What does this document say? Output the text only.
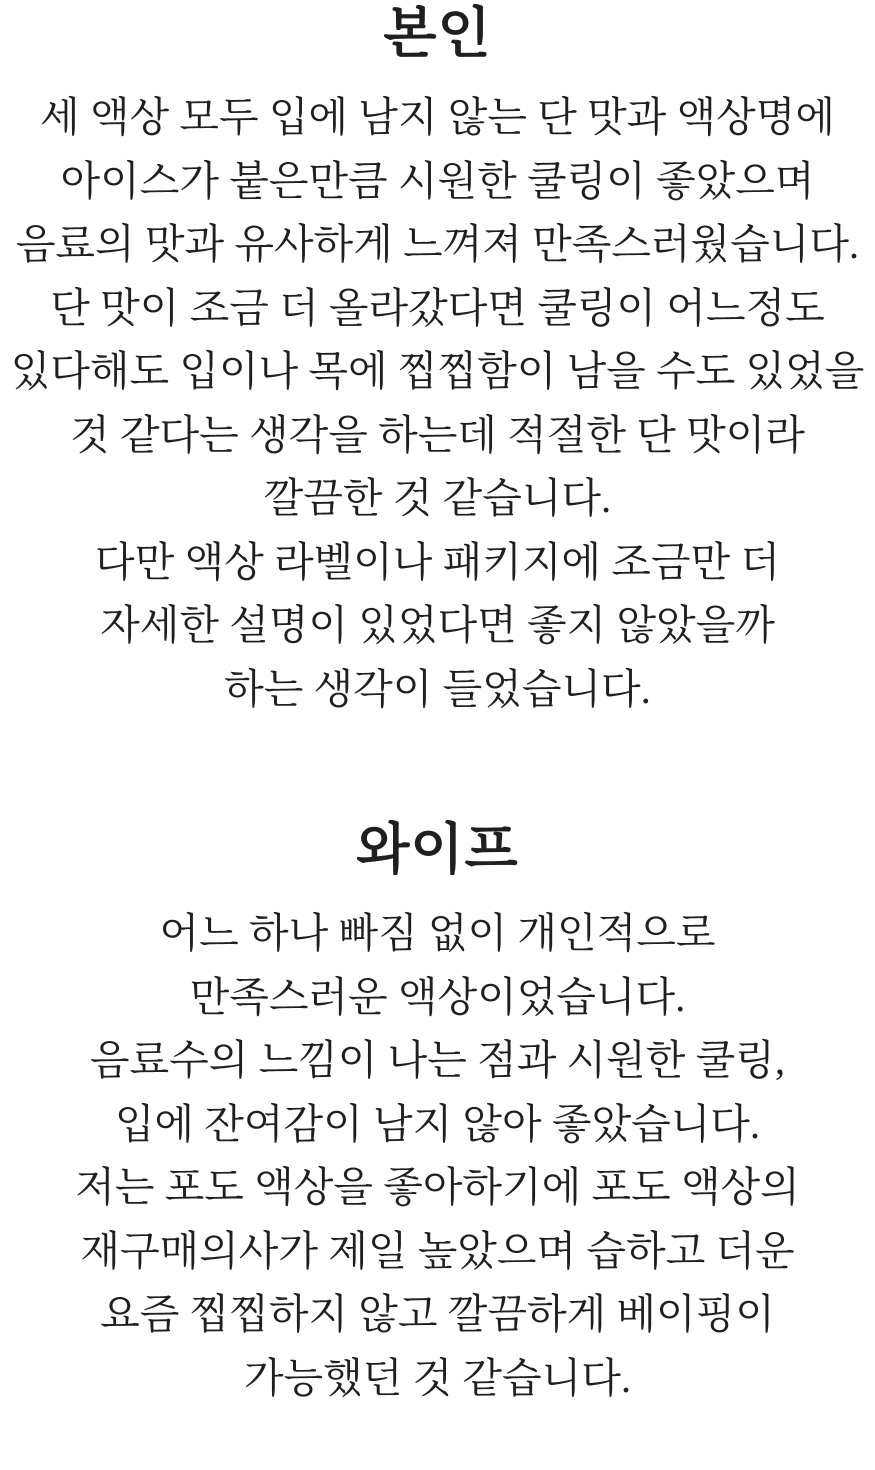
본인
세 액상 모두 입에 남지 않는 단 맛과 액상명에
아이스가 붙은만큼 시원한 쿨링이 좋았으며
음료의 맛과 유사하게 느껴져 만족스러웠습니다.
단 맛이 조금 더 올라갔다면 쿨링이 어느정도
있다해도 입이나 목에 찝찝함이 남을 수도 있었을
것 같다는 생각을 하는데 적절한 단 맛이라
깔끔한 것 같습니다.
다만 액상 라벨이나 패키지에 조금만 더
자세한 설명이 있었다면 좋지 않았을까
하는 생각이 들었습니다.
와이프
어느 하나 빠짐 없이 개인적으로
만족스러운 액상이었습니다.
음료수의 느낌이 나는 점과 시원한 쿨링,
입에 잔여감이 남지 않아 좋았습니다.
저는 포도 액상을 좋아하기에 포도 액상의
재구매의사가 제일 높았으며 습하고 더운
요즘 찝찝하지 않고 깔끔하게 베이핑이
가능했던 것 같습니다.
